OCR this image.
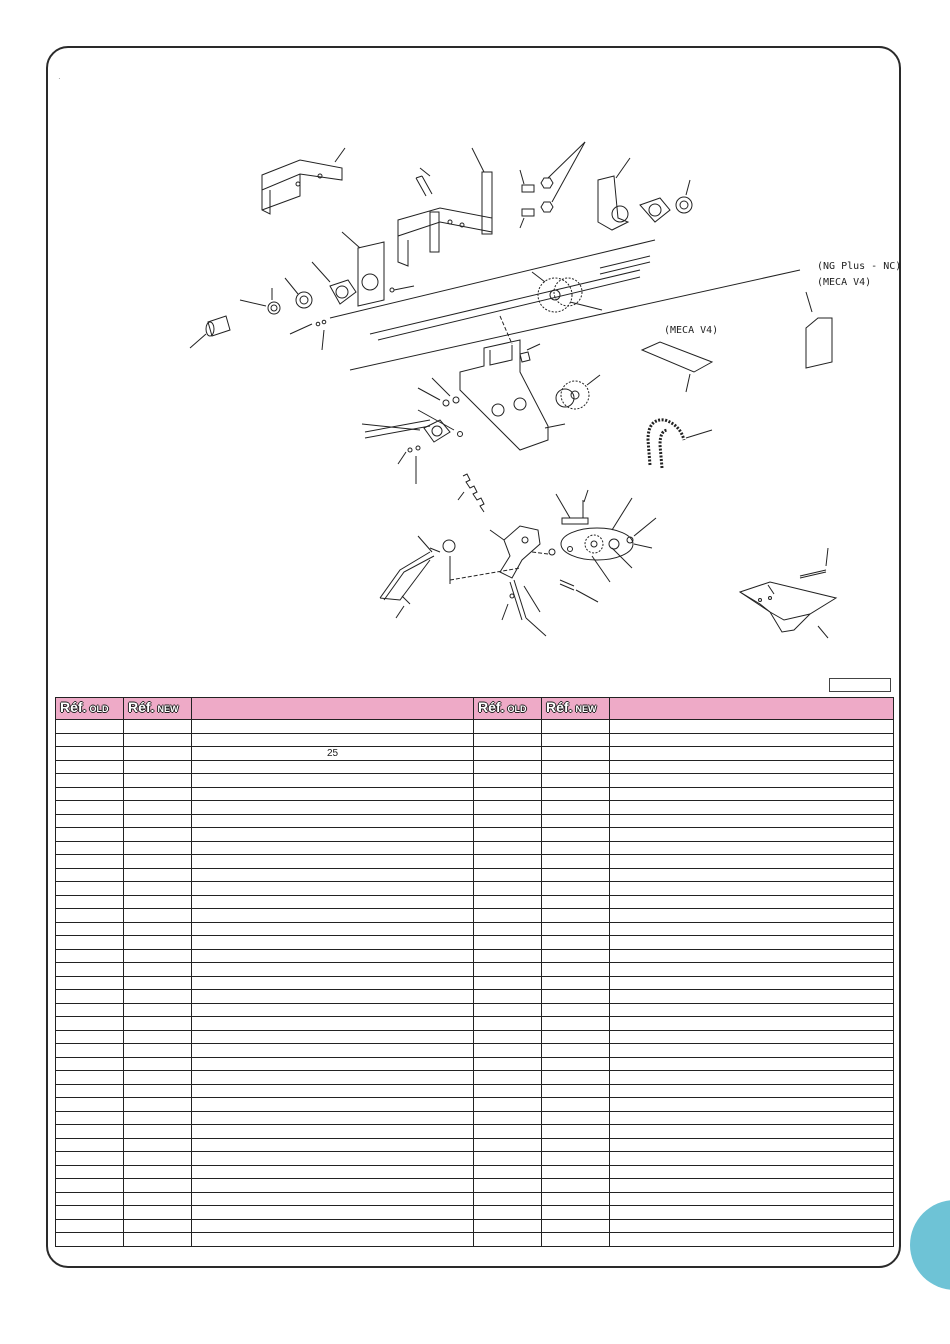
·
(NG Plus - NC)
(MECA V4)
(MECA V4)
Réf. OLD	Réf. NEW		Réf. OLD	Réf. NEW	

		25			
